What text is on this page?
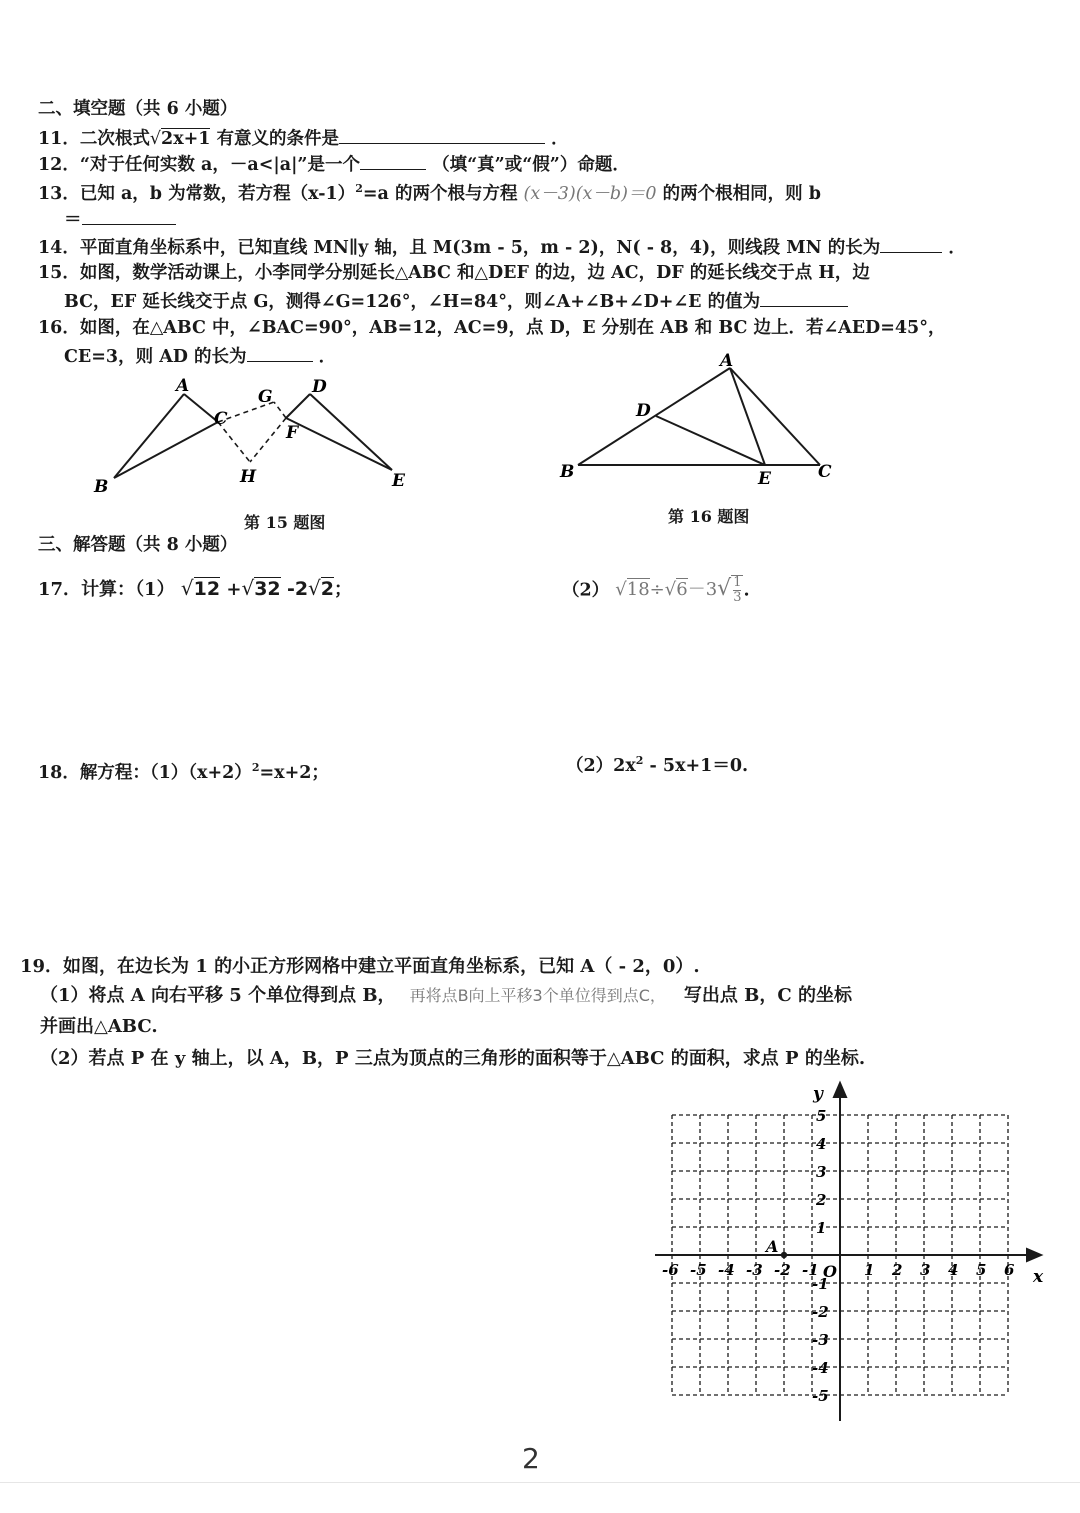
二、填空题（共 6 小题）
11．二次根式√2x+1 有意义的条件是	．
12．“对于任何实数 a，－a<|a|”是一个	（填“真”或“假”）命题．
13．已知 a，b 为常数，若方程$(x-1)^2=a$ 的两个根与方程 (x－3)(x－b)＝0 的两个根相同，则 b
＝
14．平面直角坐标系中，已知直线 MN∥y 轴，且 M(3m - 5，m - 2)，N( - 8，4)，则线段 MN 的长为	．
15．如图，数学活动课上，小李同学分别延长△ABC 和△DEF 的边，边 AC，DF 的延长线交于点 H，边
BC，EF 延长线交于点 G，测得∠G=126°，∠H=84°，则∠A+∠B+∠D+∠E 的值为
16．如图，在△ABC 中，∠BAC=90°，AB=12，AC=9，点 D，E 分别在 AB 和 BC 边上．若∠AED=45°，
CE=3，则 AD 的长为	．
A
B
C
D
E
F
G
H
第 15 题图
A
B	C
D
E
第 16 题图
三、解答题（共 8 小题）
17．计算：（1） √12 +√32 -2√2；	（2） $√18\div√6-3√ \frac{1}{3}$ .
18．解方程：$(1)(x+2)^2=x+2$；	$(2)2x^2 - 5x+1=0$.
19．如图，在边长为 1 的小正方形网格中建立平面直角坐标系，已知 A（ - 2，0）.
（1）将点 A 向右平移 5 个单位得到点 B， 再将点B向上平移3个单位得到点C， 写出点 B，C 的坐标
并画出△ABC.
（2）若点 P 在 y 轴上，以 A，B，P 三点为顶点的三角形的面积等于△ABC 的面积，求点 P 的坐标.
-6 -5 -4 -3 -2 -1	1 2 3 4 5 6
5
4
3
2
1
-1
-2
-3
-4
-5
x
y
O
A
2
